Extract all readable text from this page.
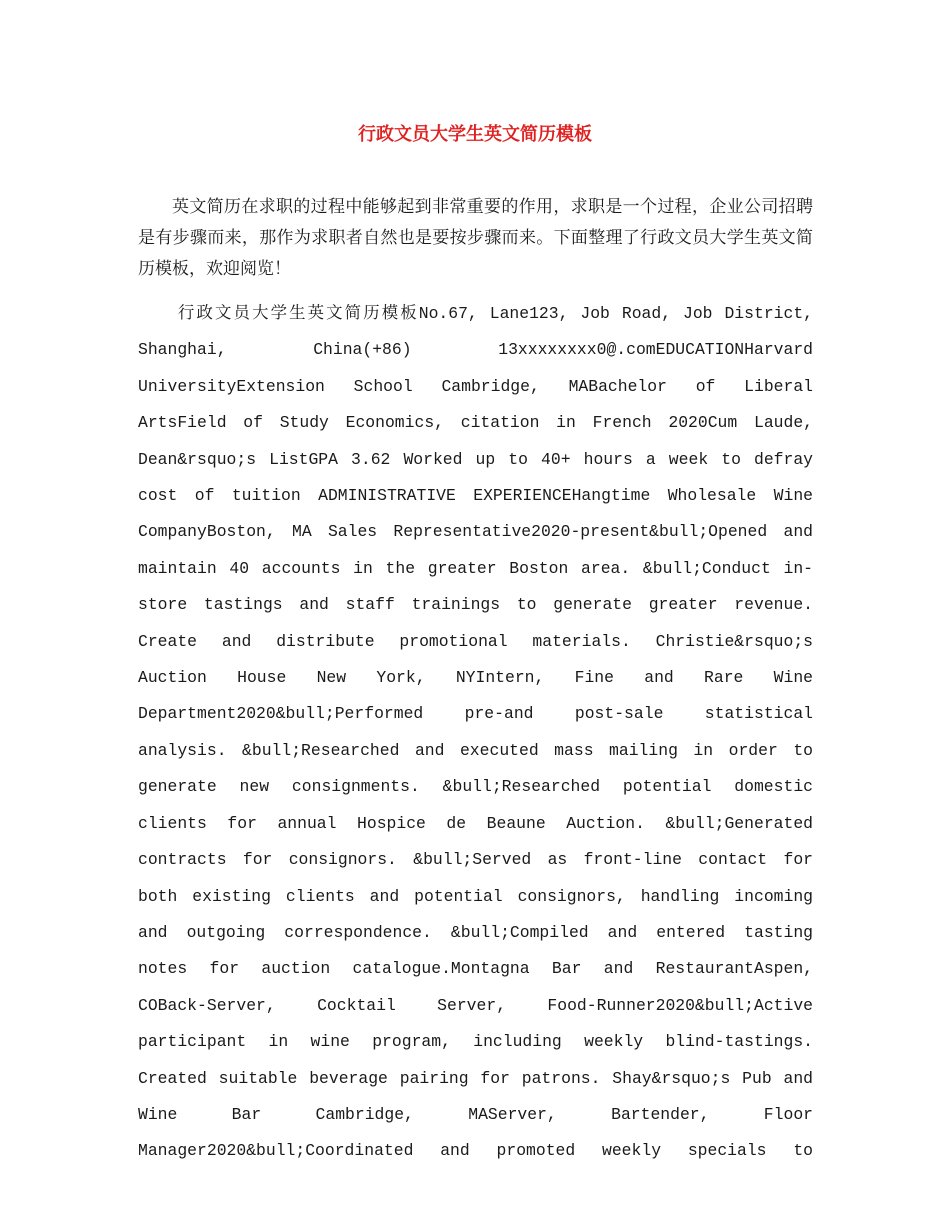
行政文员大学生英文简历模板

英文简历在求职的过程中能够起到非常重要的作用，求职是一个过程，企业公司招聘是有步骤而来，那作为求职者自然也是要按步骤而来。下面整理了行政文员大学生英文简历模板，欢迎阅览！

行政文员大学生英文简历模板No.67, Lane123, Job Road, Job District, Shanghai, China(+86) 13xxxxxxxx0@.comEDUCATIONHarvard UniversityExtension School Cambridge, MABachelor of Liberal ArtsField of Study Economics, citation in French 2020Cum Laude, Dean&rsquo;s ListGPA 3.62 Worked up to 40+ hours a week to defray cost of tuition ADMINISTRATIVE EXPERIENCEHangtime Wholesale Wine CompanyBoston, MA Sales Representative2020-present&bull;Opened and maintain 40 accounts in the greater Boston area. &bull;Conduct in-store tastings and staff trainings to generate greater revenue. Create and distribute promotional materials. Christie&rsquo;s Auction House New York, NYIntern, Fine and Rare Wine Department2020&bull;Performed pre-and post-sale statistical analysis. &bull;Researched and executed mass mailing in order to generate new consignments. &bull;Researched potential domestic clients for annual Hospice de Beaune Auction. &bull;Generated contracts for consignors. &bull;Served as front-line contact for both existing clients and potential consignors, handling incoming and outgoing correspondence. &bull;Compiled and entered tasting notes for auction catalogue.Montagna Bar and RestaurantAspen, COBack-Server, Cocktail Server, Food-Runner2020&bull;Active participant in wine program, including weekly blind-tastings. Created suitable beverage pairing for patrons. Shay&rsquo;s Pub and Wine Bar Cambridge, MAServer, Bartender, Floor Manager2020&bull;Coordinated and promoted weekly specials to
